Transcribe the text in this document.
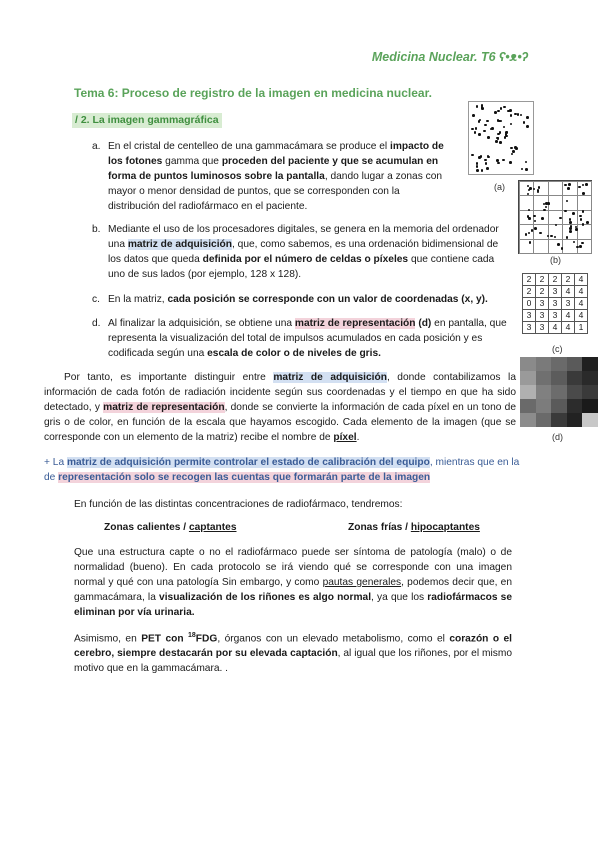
Medicina Nuclear. T6 ʕ•ᴥ•ʔ
Tema 6: Proceso de registro de la imagen en medicina nuclear.
/ 2. La imagen gammagráfica
a. En el cristal de centelleo de una gammacámara se produce el impacto de los fotones gamma que proceden del paciente y que se acumulan en forma de puntos luminosos sobre la pantalla, dando lugar a zonas con mayor o menor densidad de puntos, que se corresponden con la distribución del radiofármaco en el paciente.
b. Mediante el uso de los procesadores digitales, se genera en la memoria del ordenador una matriz de adquisición, que, como sabemos, es una ordenación bidimensional de los datos que queda definida por el número de celdas o píxeles que contiene cada uno de sus lados (por ejemplo, 128 x 128).
c. En la matriz, cada posición se corresponde con un valor de coordenadas (x, y).
d. Al finalizar la adquisición, se obtiene una matriz de representación (d) en pantalla, que representa la visualización del total de impulsos acumulados en cada posición y es codificada según una escala de color o de niveles de gris.
Por tanto, es importante distinguir entre matriz de adquisición, donde contabilizamos la información de cada fotón de radiación incidente según sus coordenadas y el tiempo en que ha sido detectado, y matriz de representación, donde se convierte la información de cada píxel en un tono de gris o de color, en función de la escala que hayamos escogido. Cada elemento de la imagen (que se corresponde con un elemento de la matriz) recibe el nombre de píxel.
+ La matriz de adquisición permite controlar el estado de calibración del equipo, mientras que en la de representación solo se recogen las cuentas que formarán parte de la imagen
En función de las distintas concentraciones de radiofármaco, tendremos:
Zonas calientes / captantes	Zonas frías / hipocaptantes
Que una estructura capte o no el radiofármaco puede ser síntoma de patología (malo) o de normalidad (bueno). En cada protocolo se irá viendo qué se corresponde con una imagen normal y qué con una patología Sin embargo, y como pautas generales, podemos decir que, en gammacámara, la visualización de los riñones es algo normal, ya que los radiofármacos se eliminan por vía urinaria.
Asimismo, en PET con $^{18}$FDG, órganos con un elevado metabolismo, como el corazón o el cerebro, siempre destacarán por su elevada captación, al igual que los riñones, por el mismo motivo que en la gammacámara. .
(a)
(b)
2	2	2	2	4
2	2	3	4	4
0	3	3	3	4
3	3	3	4	4
3	3	4	4	1
(c)
(d)
